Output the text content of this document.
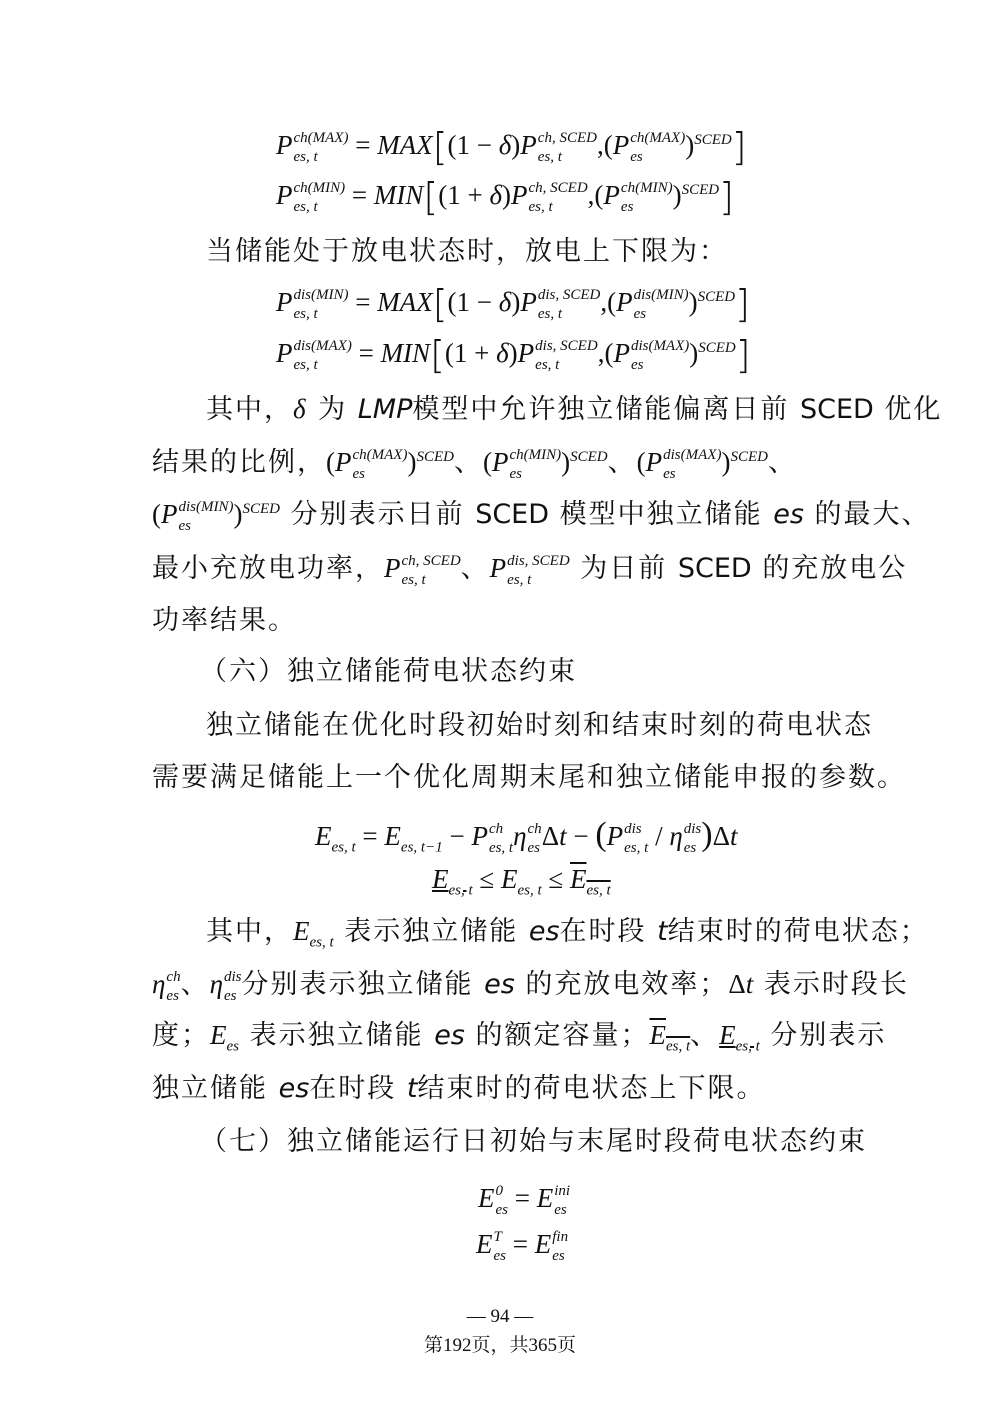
P ch(MAX)
es, t	= MAX[(1 − δ)P ch, SCED
es, t	,(P ch(MAX)
es	)$^{SCED}$]
P ch(MIN)
es, t	= MIN[(1 + δ)P ch, SCED
es, t	,(P ch(MIN)
es	)$^{SCED}$]
当储能处于放电状态时，放电上下限为：
P dis(MIN)
es, t	= MAX[(1 − δ)P dis, SCED
es, t	,(P dis(MIN)
es	)$^{SCED}$]
P dis(MAX)
es, t	= MIN[(1 + δ)P dis, SCED
es, t	,(P dis(MAX)
es	)$^{SCED}$]
其中，δ 为 LMP模型中允许独立储能偏离日前 SCED 优化
结果的比例，(P ch(MAX)
es	)$^{SCED}$、(P ch(MIN)
es	)$^{SCED}$、(P dis(MAX)
es	)$^{SCED}$、
(P dis(MIN)
es	)$^{SCED}$ 分别表示日前 SCED 模型中独立储能 es 的最大、
最小充放电功率，P ch, SCED
es, t	、P dis, SCED
es, t	为日前 SCED 的充放电公
功率结果。
（六）独立储能荷电状态约束
独立储能在优化时段初始时刻和结束时刻的荷电状态
需要满足储能上一个优化周期末尾和独立储能申报的参数。
$E_{es, t} = E_{es, t-1} - P$ ch
es, t η ch
es Δt − (P dis
es, t / η dis
es )Δt
$E_{es, t} \le E_{es, t} \le E_{es, t}$
其中，$E_{es, t}$ 表示独立储能 es在时段 t结束时的荷电状态；
η ch
es 、η dis
es 分别表示独立储能 es 的充放电效率；Δt 表示时段长
度；$E_{es}$ 表示独立储能 es 的额定容量；$E_{es, t}$、$E_{es, t}$ 分别表示
独立储能 es在时段 t结束时的荷电状态上下限。
（七）独立储能运行日初始与末尾时段荷电状态约束
E 0
es = E ini
es
E T
es = E fin
es
— 94 —
第192页，共365页
